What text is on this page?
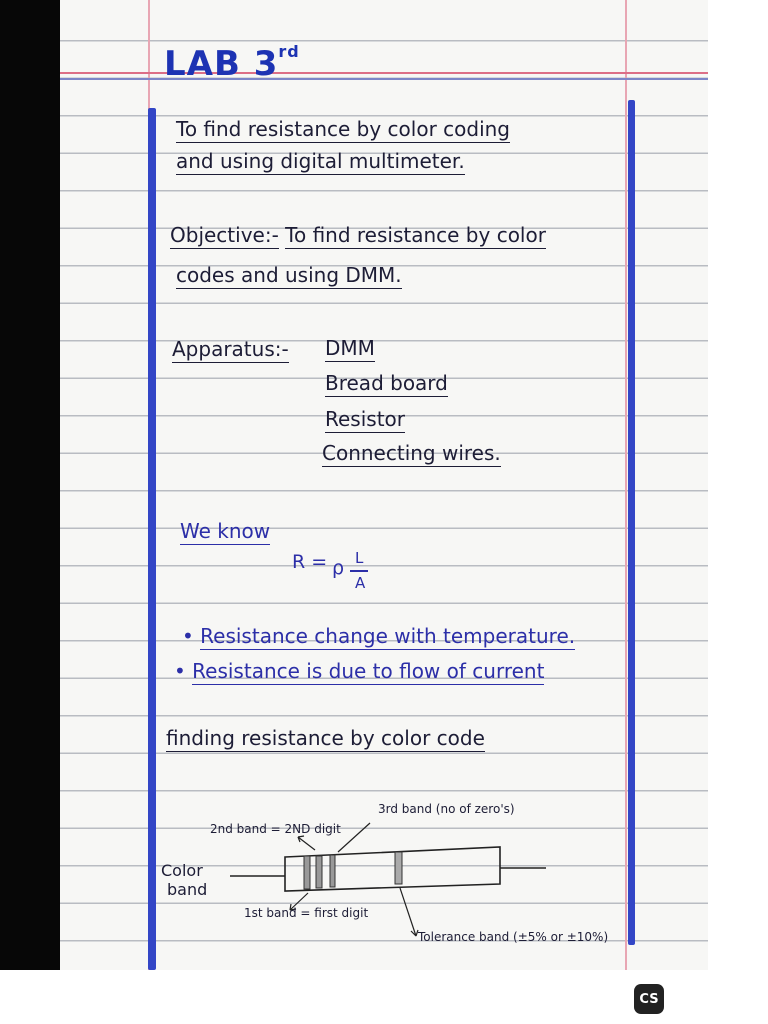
LAB 3rd
To find resistance by color coding
and using digital multimeter.
Objective:- To find resistance by color
codes and using DMM.
Apparatus:- DMM
Bread board
Resistor
Connecting wires.
We know
R = ρ L
A
• Resistance change with temperature.
• Resistance is due to flow of current
finding resistance by color code
2nd band = 2ND digit
3rd band (no of zero's)
Color
band
1st band = first digit
Tolerance band (±5% or ±10%)
CS
